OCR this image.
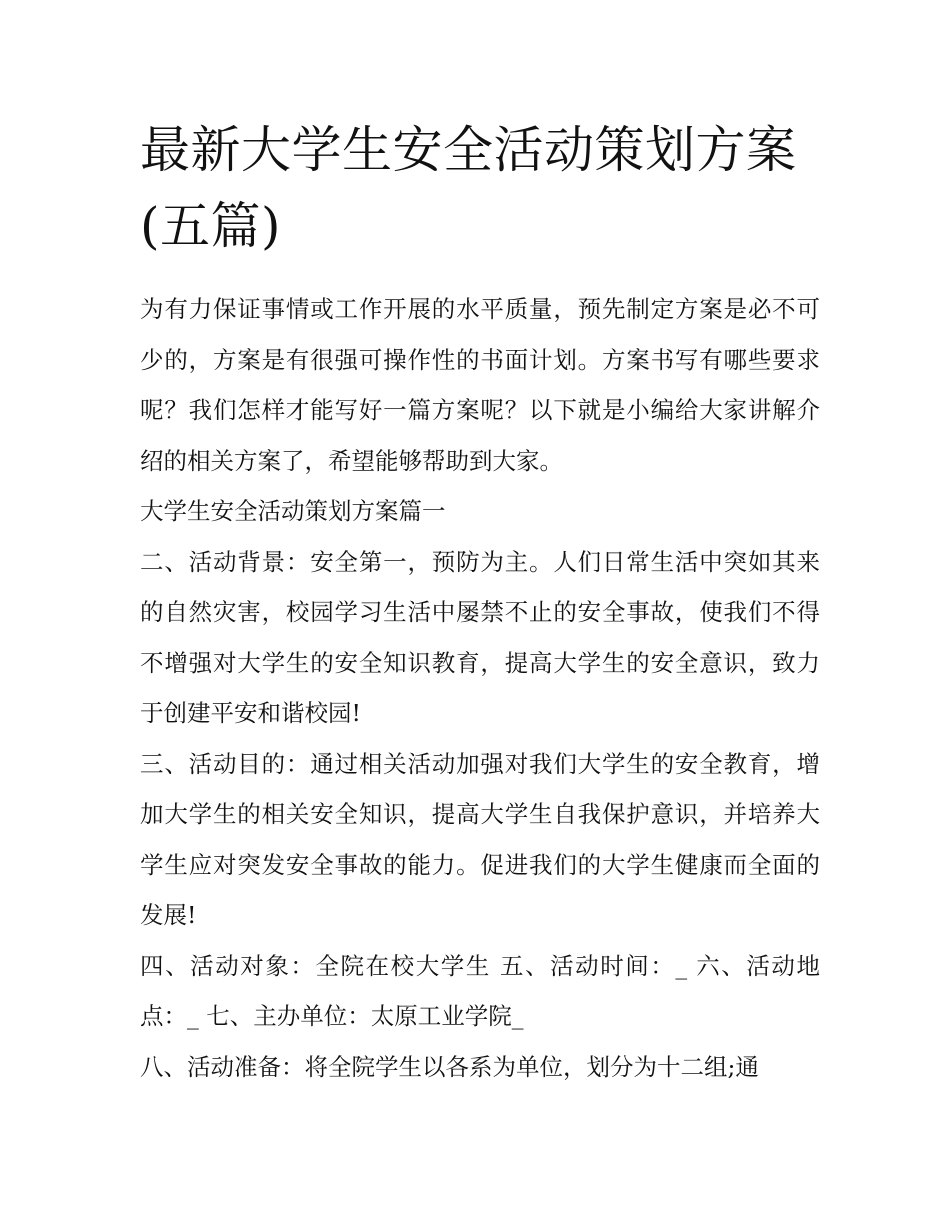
最新大学生安全活动策划方案(五篇)

为有力保证事情或工作开展的水平质量，预先制定方案是必不可少的，方案是有很强可操作性的书面计划。方案书写有哪些要求呢？我们怎样才能写好一篇方案呢？以下就是小编给大家讲解介绍的相关方案了，希望能够帮助到大家。

大学生安全活动策划方案篇一

二、活动背景：安全第一，预防为主。人们日常生活中突如其来的自然灾害，校园学习生活中屡禁不止的安全事故，使我们不得不增强对大学生的安全知识教育，提高大学生的安全意识，致力于创建平安和谐校园!

三、活动目的：通过相关活动加强对我们大学生的安全教育，增加大学生的相关安全知识，提高大学生自我保护意识，并培养大学生应对突发安全事故的能力。促进我们的大学生健康而全面的发展!

四、活动对象：全院在校大学生 五、活动时间：_ 六、活动地点：_ 七、主办单位：太原工业学院_

八、活动准备：将全院学生以各系为单位，划分为十二组;通
